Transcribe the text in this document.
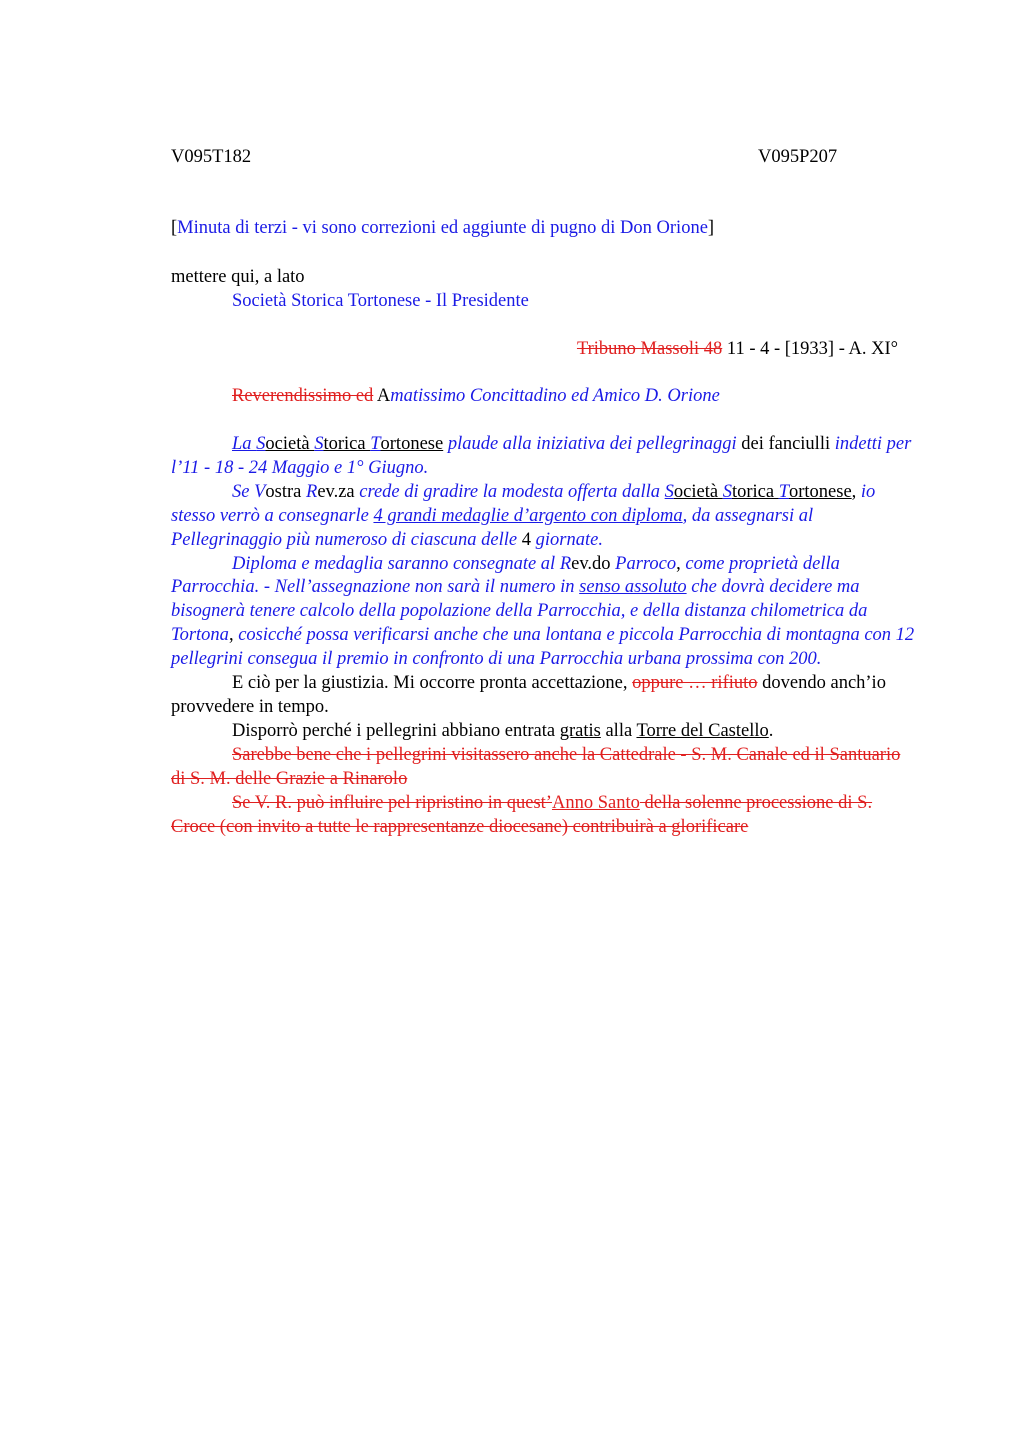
V095T182	V095P207
[Minuta di terzi - vi sono correzioni ed aggiunte di pugno di Don Orione]
mettere qui, a lato
Società Storica Tortonese - Il Presidente
Tribuno Massoli 48 11 - 4 - [1933] - A. XI°
Reverendissimo ed Amatissimo Concittadino ed Amico D. Orione

La Società Storica Tortonese plaude alla iniziativa dei pellegrinaggi dei fanciulli indetti per l’11 - 18 - 24 Maggio e 1° Giugno.

Se Vostra Rev.za crede di gradire la modesta offerta dalla Società Storica Tortonese, io stesso verrò a consegnarle 4 grandi medaglie d’argento con diploma, da assegnarsi al Pellegrinaggio più numeroso di ciascuna delle 4 giornate.

Diploma e medaglia saranno consegnate al Rev.do Parroco, come proprietà della Parrocchia. - Nell’assegnazione non sarà il numero in senso assoluto che dovrà decidere ma bisognerà tenere calcolo della popolazione della Parrocchia, e della distanza chilometrica da Tortona, cosicché possa verificarsi anche che una lontana e piccola Parrocchia di montagna con 12 pellegrini consegua il premio in confronto di una Parrocchia urbana prossima con 200.

E ciò per la giustizia. Mi occorre pronta accettazione, oppure … rifiuto dovendo anch’io provvedere in tempo.

Disporrò perché i pellegrini abbiano entrata gratis alla Torre del Castello.

Sarebbe bene che i pellegrini visitassero anche la Cattedrale - S. M. Canale ed il Santuario di S. M. delle Grazie a Rinarolo

Se V. R. può influire pel ripristino in quest’Anno Santo della solenne processione di S. Croce (con invito a tutte le rappresentanze diocesane) contribuirà a glorificare
